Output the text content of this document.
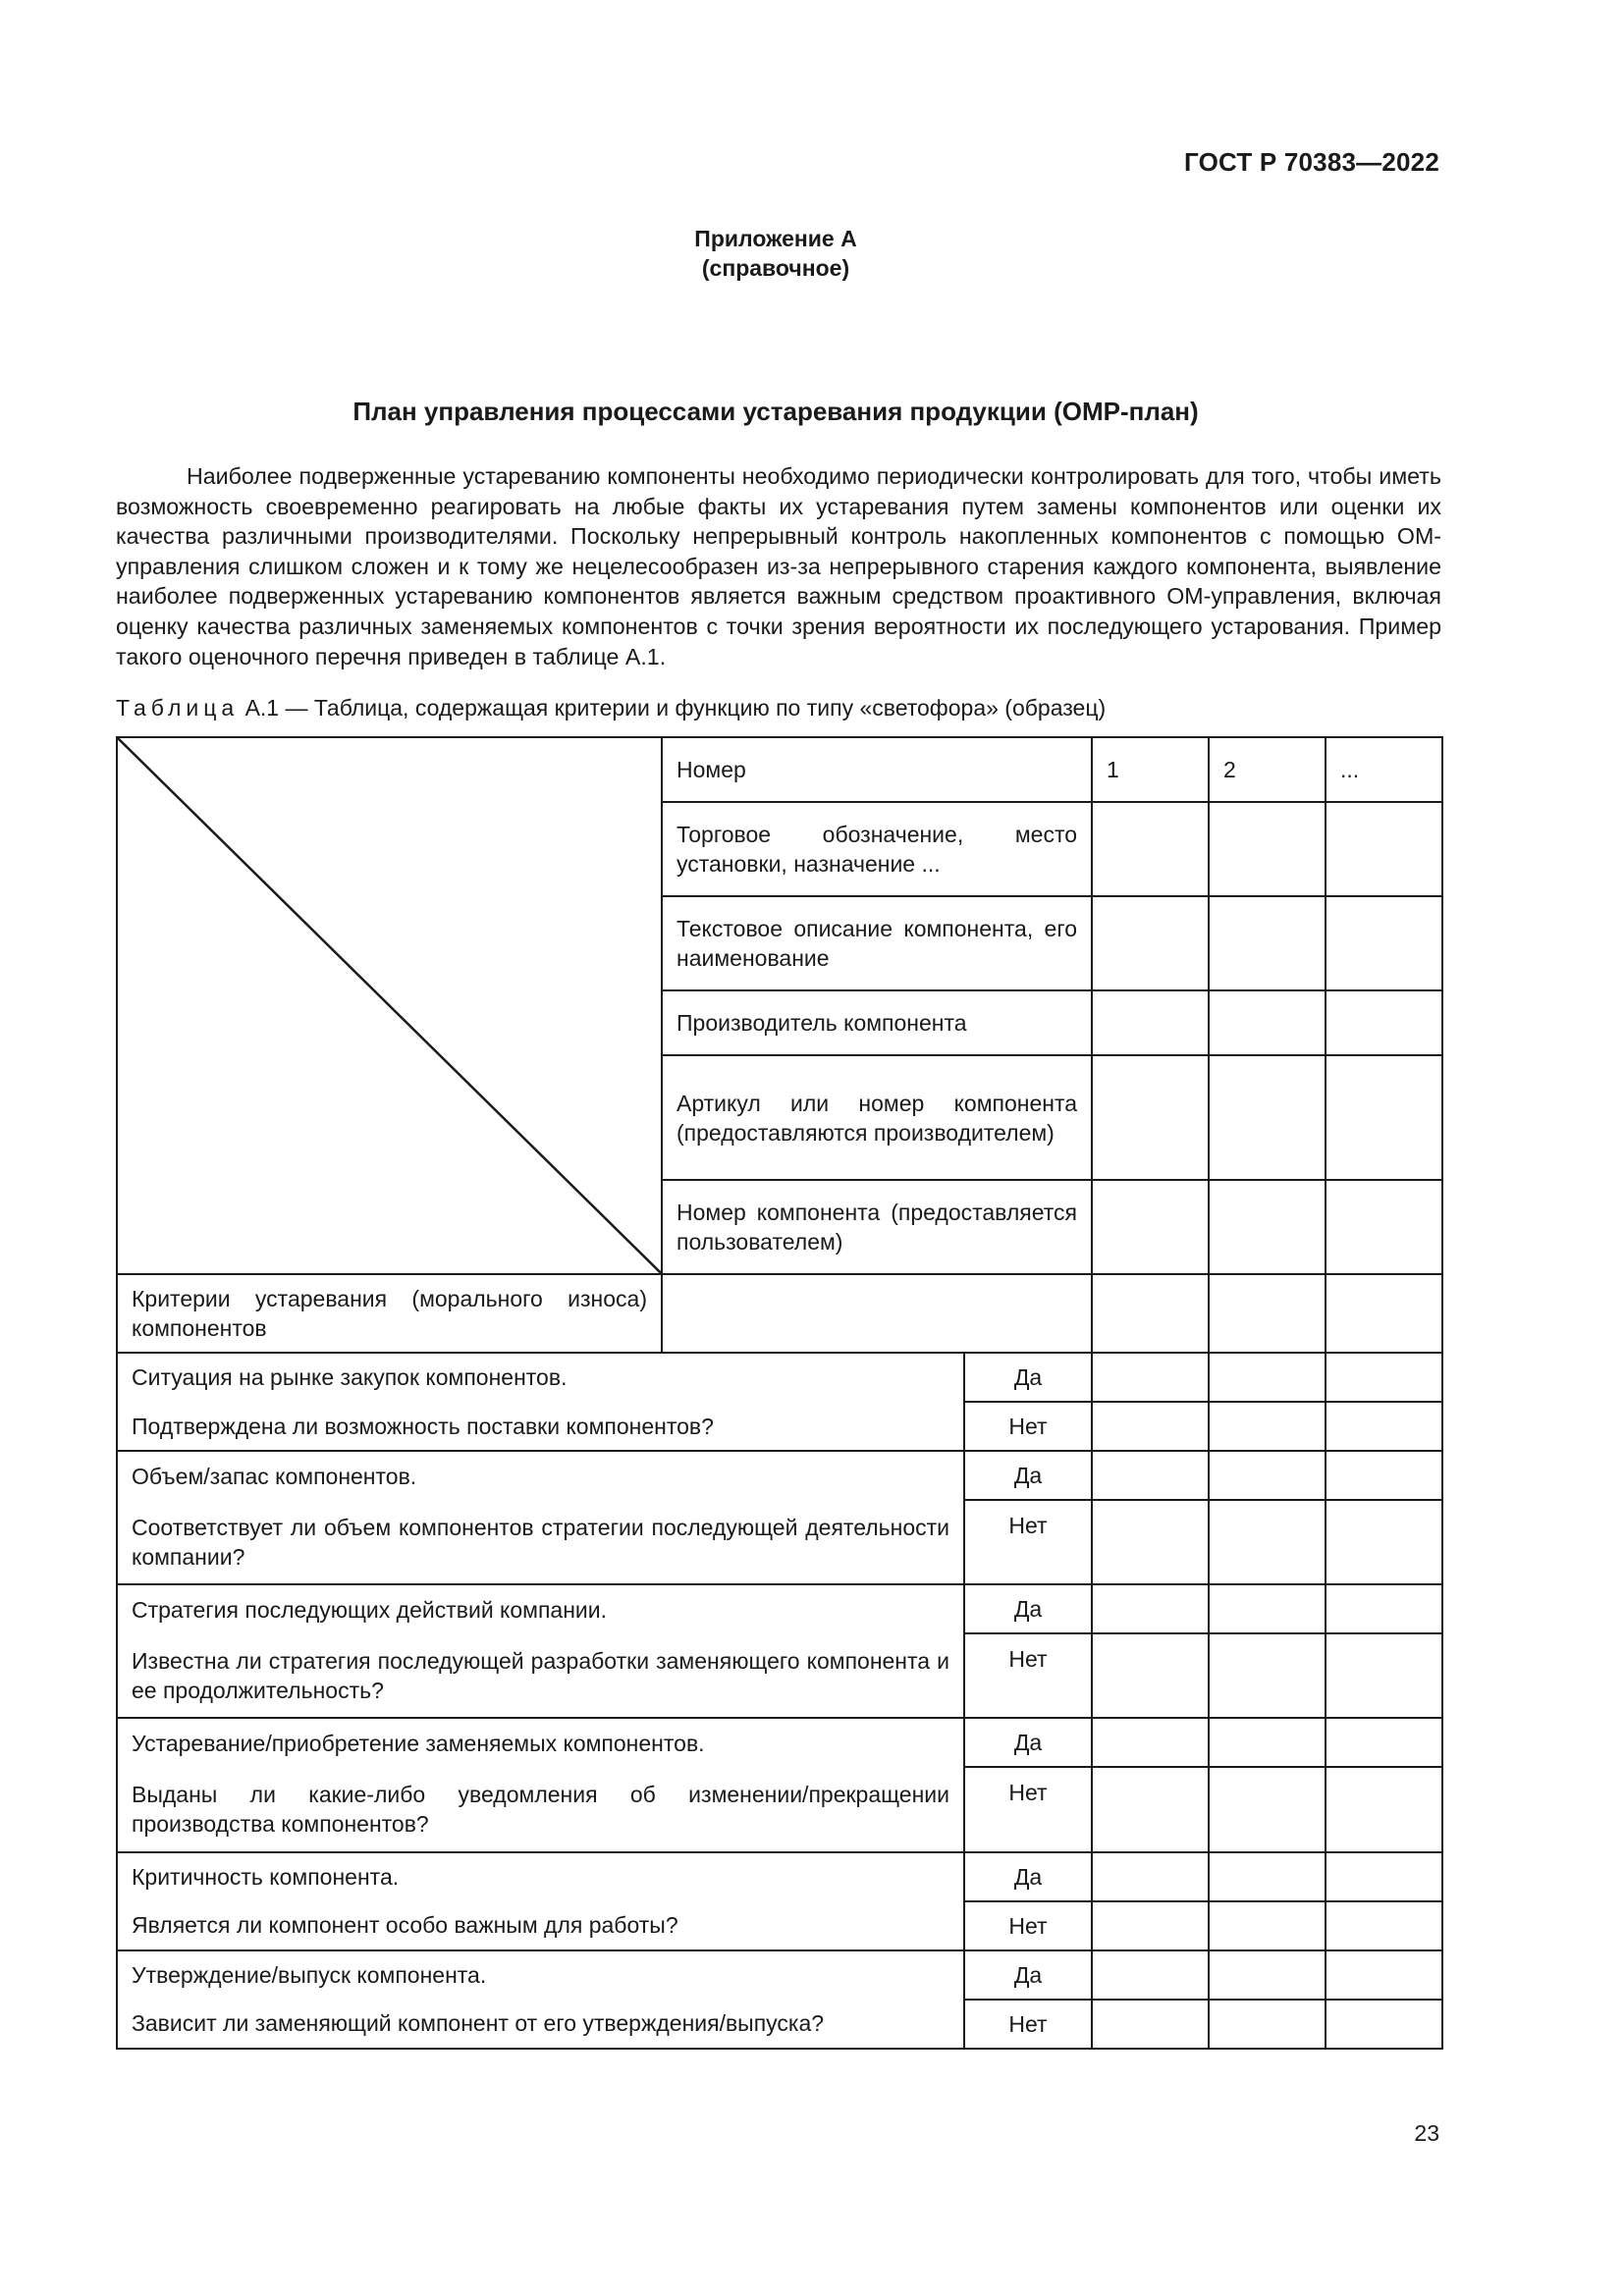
ГОСТ Р 70383—2022
Приложение А
(справочное)
План управления процессами устаревания продукции (ОМР-план)

Наиболее подверженные устареванию компоненты необходимо периодически контролировать для того, чтобы иметь возможность своевременно реагировать на любые факты их устаревания путем замены компонентов или оценки их качества различными производителями. Поскольку непрерывный контроль накопленных компонентов с помощью ОМ-управления слишком сложен и к тому же нецелесообразен из-за непрерывного старения каждого компонента, выявление наиболее подверженных устареванию компонентов является важным средством проактивного ОМ-управления, включая оценку качества различных заменяемых компонентов с точки зрения вероятности их последующего устарования. Пример такого оценочного перечня приведен в таблице А.1.

Таблица А.1 — Таблица, содержащая критерии и функцию по типу «светофора» (образец)
	Номер		1	2	...
	Торговое обозначение, место установки, назначение ...				
	Текстовое описание компонента, его наименование				
	Производитель компонента				
	Артикул или номер компонента (предоставляются производителем)				
	Номер компонента (предоставляется пользователем)				
Критерии устаревания (морального износа) компонентов					
Ситуация на рынке закупок компонентов.		Да			
Подтверждена ли возможность поставки компонентов?		Нет			
Объем/запас компонентов.		Да			
Соответствует ли объем компонентов стратегии последующей деятельности компании?		Нет			
Стратегия последующих действий компании.		Да			
Известна ли стратегия последующей разработки заменяющего компонента и ее продолжительность?		Нет			
Устаревание/приобретение заменяемых компонентов.		Да			
Выданы ли какие-либо уведомления об изменении/прекращении производства компонентов?		Нет			
Критичность компонента.		Да			
Является ли компонент особо важным для работы?		Нет			
Утверждение/выпуск компонента.		Да			
Зависит ли заменяющий компонент от его утверждения/выпуска?		Нет			
23
